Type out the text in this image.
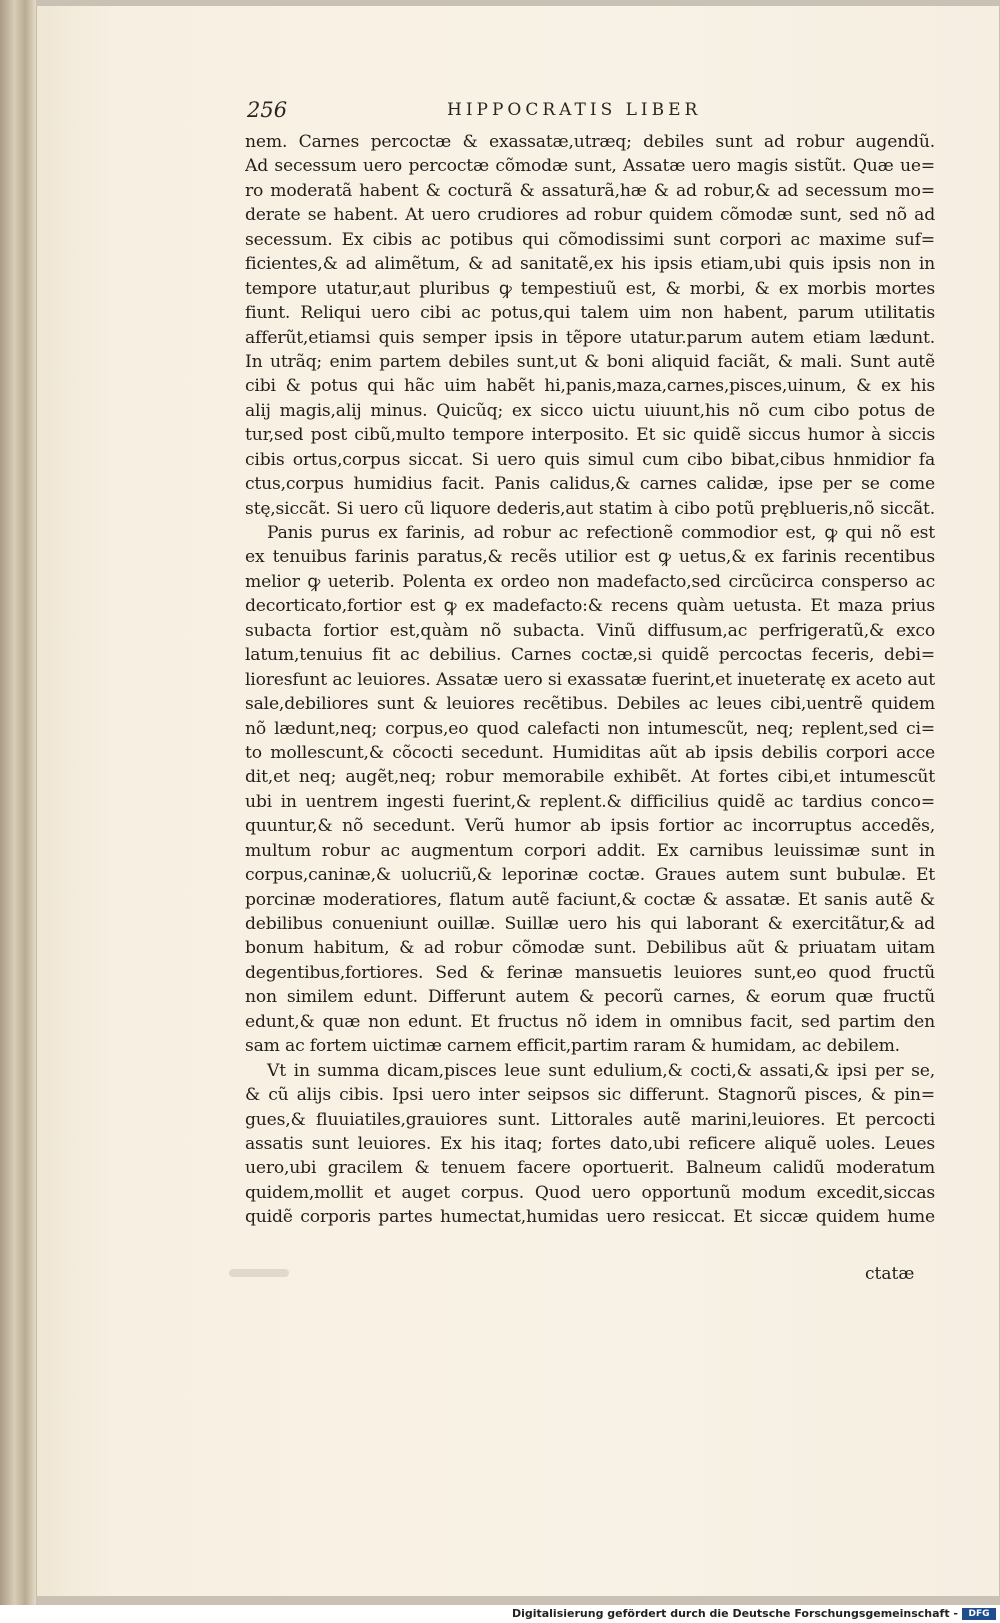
256	HIPPOCRATIS LIBER
nem. Carnes percoctæ & exassatæ,utræq; debiles sunt ad robur augendũ.
Ad secessum uero percoctæ cõmodæ sunt, Assatæ uero magis sistũt. Quæ ue=
ro moderatã habent & cocturã & assaturã,hæ & ad robur,& ad secessum mo=
derate se habent. At uero crudiores ad robur quidem cõmodæ sunt, sed nõ ad
secessum. Ex cibis ac potibus qui cõmodissimi sunt corpori ac maxime suf=
ficientes,& ad alimẽtum, & ad sanitatẽ,ex his ipsis etiam,ubi quis ipsis non in
tempore utatur,aut pluribus ꝙ tempestiuũ est, & morbi, & ex morbis mortes
fiunt. Reliqui uero cibi ac potus,qui talem uim non habent, parum utilitatis
afferũt,etiamsi quis semper ipsis in tẽpore utatur.parum autem etiam lædunt.
In utrãq; enim partem debiles sunt,ut & boni aliquid faciãt, & mali. Sunt autẽ
cibi & potus qui hãc uim habẽt hi,panis,maza,carnes,pisces,uinum, & ex his
alij magis,alij minus. Quicũq; ex sicco uictu uiuunt,his nõ cum cibo potus de
tur,sed post cibũ,multo tempore interposito. Et sic quidẽ siccus humor à siccis
cibis ortus,corpus siccat. Si uero quis simul cum cibo bibat,cibus hnmidior fa
ctus,corpus humidius facit. Panis calidus,& carnes calidæ, ipse per se come
stę,siccãt. Si uero cũ liquore dederis,aut statim à cibo potũ pręblueris,nõ siccãt.
Panis purus ex farinis, ad robur ac refectionẽ commodior est, ꝙ qui nõ est
ex tenuibus farinis paratus,& recẽs utilior est ꝙ uetus,& ex farinis recentibus
melior ꝙ ueterib. Polenta ex ordeo non madefacto,sed circũcirca conspersо ac
decorticato,fortior est ꝙ ex madefacto:& recens quàm uetusta. Et maza prius
subacta fortior est,quàm nõ subacta. Vinũ diffusum,ac perfrigeratũ,& exco
latum,tenuius fit ac debilius. Carnes coctæ,si quidẽ percoctas feceris, debi=
lioresfunt ac leuiores. Assatæ uero si exassatæ fuerint,et inueteratę ex aceto aut
sale,debiliores sunt & leuiores recẽtibus. Debiles ac leues cibi,uentrẽ quidem
nõ lædunt,neq; corpus,eo quod calefacti non intumescũt, neq; replent,sed ci=
to mollescunt,& cõcocti secedunt. Humiditas aũt ab ipsis debilis corpori acce
dit,et neq; augẽt,neq; robur memorabile exhibẽt. At fortes cibi,et intumescũt
ubi in uentrem ingesti fuerint,& replent.& difficilius quidẽ ac tardius conco=
quuntur,& nõ secedunt. Verũ humor ab ipsis fortior ac incorruptus accedẽs,
multum robur ac augmentum corpori addit. Ex carnibus leuissimæ sunt in
corpus,caninæ,& uolucriũ,& leporinæ coctæ. Graues autem sunt bubulæ. Et
porcinæ moderatiores, flatum autẽ faciunt,& coctæ & assatæ. Et sanis autẽ &
debilibus conueniunt ouillæ. Suillæ uero his qui laborant & exercitãtur,& ad
bonum habitum, & ad robur cõmodæ sunt. Debilibus aũt & priuatam uitam
degentibus,fortiores. Sed & ferinæ mansuetis leuiores sunt,eo quod fructũ
non similem edunt. Differunt autem & pecorũ carnes, & eorum quæ fructũ
edunt,& quæ non edunt. Et fructus nõ idem in omnibus facit, sed partim den
sam ac fortem uictimæ carnem efficit,partim raram & humidam, ac debilem.
Vt in summa dicam,pisces leue sunt edulium,& cocti,& assati,& ipsi per se,
& cũ alijs cibis. Ipsi uero inter seipsos sic differunt. Stagnorũ pisces, & pin=
gues,& fluuiatiles,grauiores sunt. Littorales autẽ marini,leuiores. Et percocti
assatis sunt leuiores. Ex his itaq; fortes dato,ubi reficere aliquẽ uoles. Leues
uero,ubi gracilem & tenuem facere oportuerit. Balneum calidũ moderatum
quidem,mollit et auget corpus. Quod uero opportunũ modum excedit,siccas
quidẽ corporis partes humectat,humidas uero resiccat. Et siccæ quidem hume
ctatæ
Digitalisierung gefördert durch die Deutsche Forschungsgemeinschaft -	DFG
